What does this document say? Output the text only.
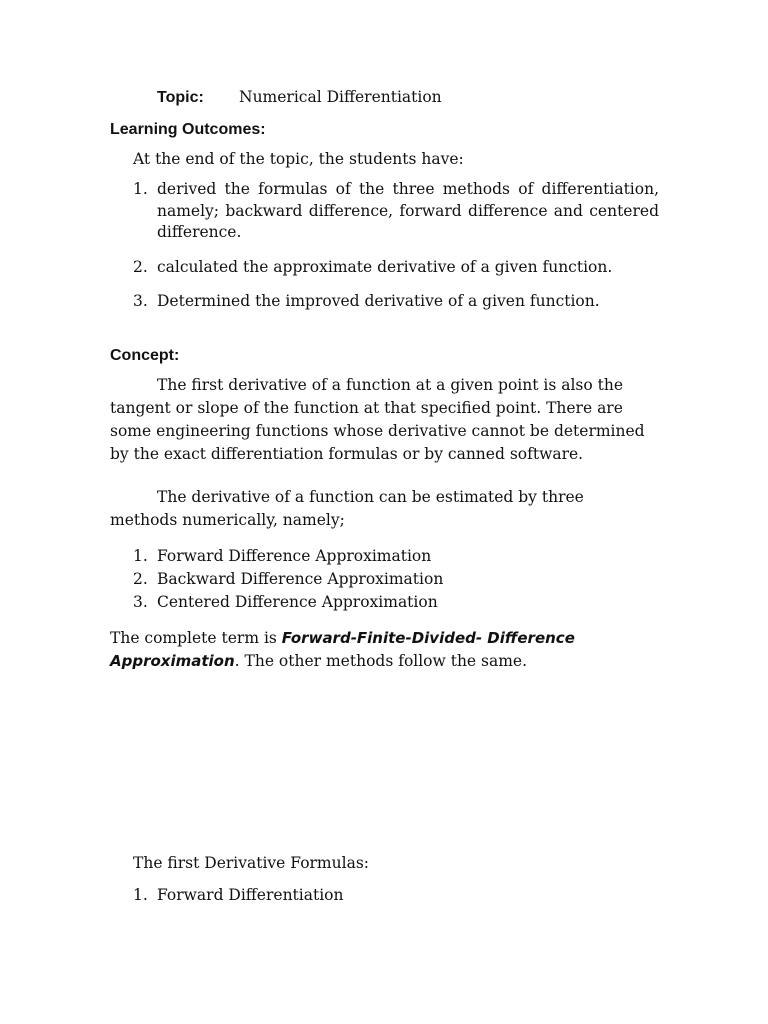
Topic: Numerical Differentiation
Learning Outcomes:
At the end of the topic, the students have:
1. derived the formulas of the three methods of differentiation, namely; backward difference, forward difference and centered difference.
2. calculated the approximate derivative of a given function.
3. Determined the improved derivative of a given function.
Concept:
The first derivative of a function at a given point is also the tangent or slope of the function at that specified point. There are some engineering functions whose derivative cannot be determined by the exact differentiation formulas or by canned software.
The derivative of a function can be estimated by three methods numerically, namely;
1. Forward Difference Approximation
2. Backward Difference Approximation
3. Centered Difference Approximation
The complete term is Forward-Finite-Divided- Difference Approximation. The other methods follow the same.
The first Derivative Formulas:
1. Forward Differentiation
